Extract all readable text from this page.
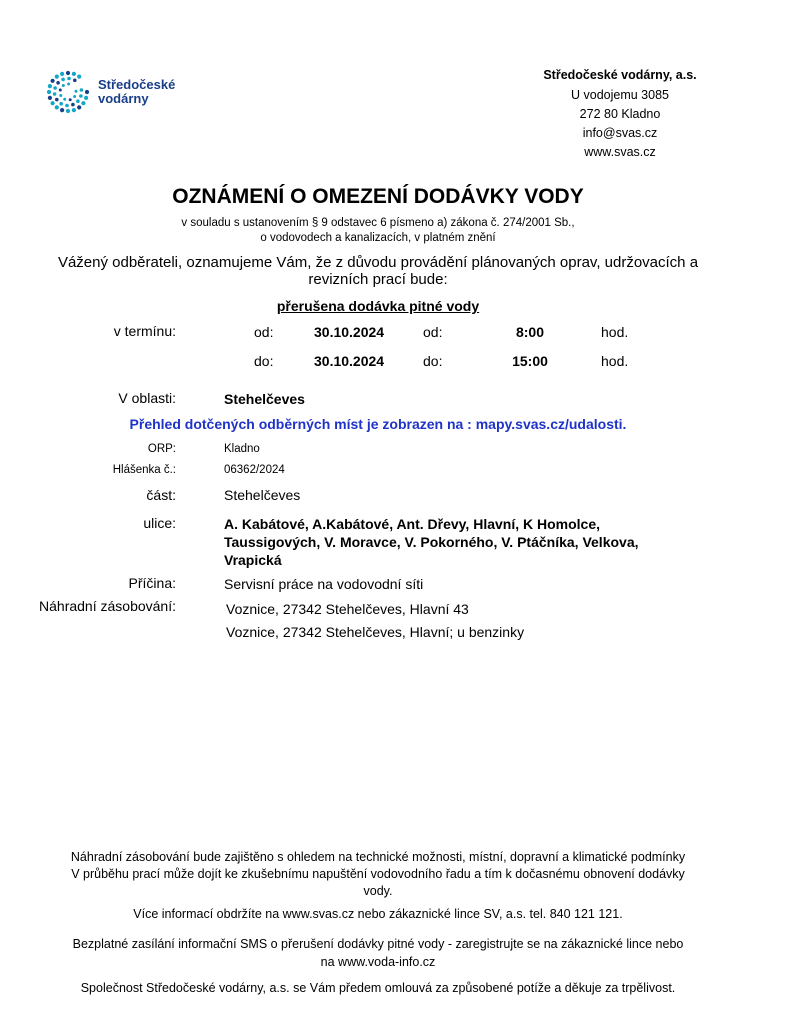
Středočeské
vodárny
Středočeské vodárny, a.s.
U vodojemu 3085
272 80 Kladno
info@svas.cz
www.svas.cz
OZNÁMENÍ O OMEZENÍ DODÁVKY VODY
v souladu s ustanovením § 9 odstavec 6 písmeno a) zákona č. 274/2001 Sb.,
o vodovodech a kanalizacích, v platném znění
Vážený odběrateli, oznamujeme Vám, že z důvodu provádění plánovaných oprav, udržovacích a
revizních prací bude:
přerušena dodávka pitné vody
v termínu:	od:	30.10.2024	od:	8:00	hod.
do:	30.10.2024	do:	15:00	hod.
V oblasti:	Stehelčeves
Přehled dotčených odběrných míst je zobrazen na : mapy.svas.cz/udalosti.
ORP:	Kladno
Hlášenka č.:	06362/2024
část:	Stehelčeves
ulice:	A. Kabátové, A.Kabátové, Ant. Dřevy, Hlavní, K Homolce,
Taussigových, V. Moravce, V. Pokorného, V. Ptáčníka, Velkova,
Vrapická
Příčina:	Servisní práce na vodovodní síti
Náhradní zásobování:	Voznice, 27342 Stehelčeves, Hlavní 43
Voznice, 27342 Stehelčeves, Hlavní; u benzinky
Náhradní zásobování bude zajištěno s ohledem na technické možnosti, místní, dopravní a klimatické podmínky
V průběhu prací může dojít ke zkušebnímu napuštění vodovodního řadu a tím k dočasnému obnovení dodávky
vody.
Více informací obdržíte na www.svas.cz nebo zákaznické lince SV, a.s. tel. 840 121 121.
Bezplatné zasílání informační SMS o přerušení dodávky pitné vody - zaregistrujte se na zákaznické lince nebo
na www.voda-info.cz
Společnost Středočeské vodárny, a.s. se Vám předem omlouvá za způsobené potíže a děkuje za trpělivost.
